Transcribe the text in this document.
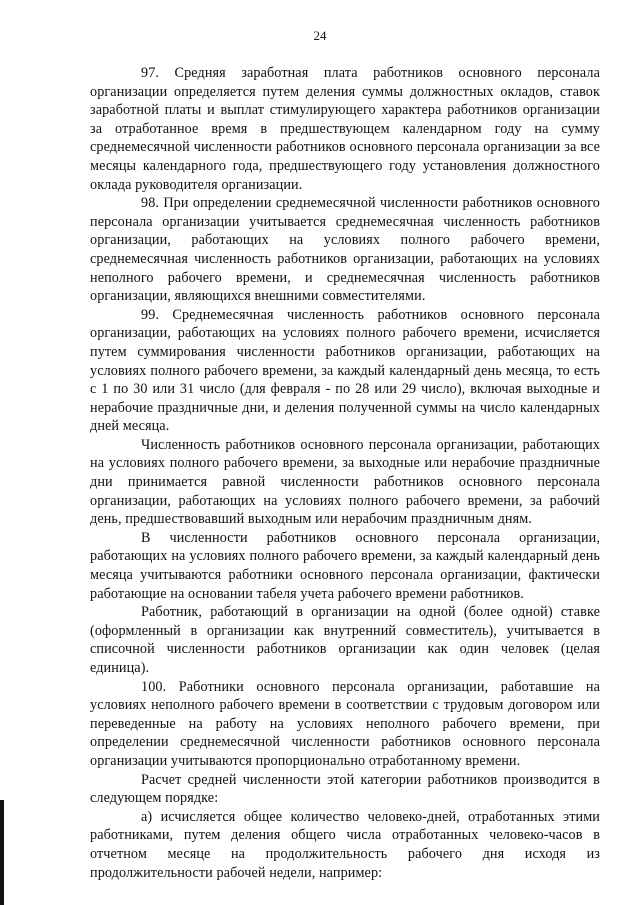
24

97. Средняя заработная плата работников основного персонала организации определяется путем деления суммы должностных окладов, ставок заработной платы и выплат стимулирующего характера работников организации за отработанное время в предшествующем календарном году на сумму среднемесячной численности работников основного персонала организации за все месяцы календарного года, предшествующего году установления должностного оклада руководителя организации.

98. При определении среднемесячной численности работников основного персонала организации учитывается среднемесячная численность работников организации, работающих на условиях полного рабочего времени, среднемесячная численность работников организации, работающих на условиях неполного рабочего времени, и среднемесячная численность работников организации, являющихся внешними совместителями.

99. Среднемесячная численность работников основного персонала организации, работающих на условиях полного рабочего времени, исчисляется путем суммирования численности работников организации, работающих на условиях полного рабочего времени, за каждый календарный день месяца, то есть с 1 по 30 или 31 число (для февраля - по 28 или 29 число), включая выходные и нерабочие праздничные дни, и деления полученной суммы на число календарных дней месяца.

Численность работников основного персонала организации, работающих на условиях полного рабочего времени, за выходные или нерабочие праздничные дни принимается равной численности работников основного персонала организации, работающих на условиях полного рабочего времени, за рабочий день, предшествовавший выходным или нерабочим праздничным дням.

В численности работников основного персонала организации, работающих на условиях полного рабочего времени, за каждый календарный день месяца учитываются работники основного персонала организации, фактически работающие на основании табеля учета рабочего времени работников.

Работник, работающий в организации на одной (более одной) ставке (оформленный в организации как внутренний совместитель), учитывается в списочной численности работников организации как один человек (целая единица).

100. Работники основного персонала организации, работавшие на условиях неполного рабочего времени в соответствии с трудовым договором или переведенные на работу на условиях неполного рабочего времени, при определении среднемесячной численности работников основного персонала организации учитываются пропорционально отработанному времени.

Расчет средней численности этой категории работников производится в следующем порядке:

а) исчисляется общее количество человеко-дней, отработанных этими работниками, путем деления общего числа отработанных человеко-часов в отчетном месяце на продолжительность рабочего дня исходя из продолжительности рабочей недели, например:
